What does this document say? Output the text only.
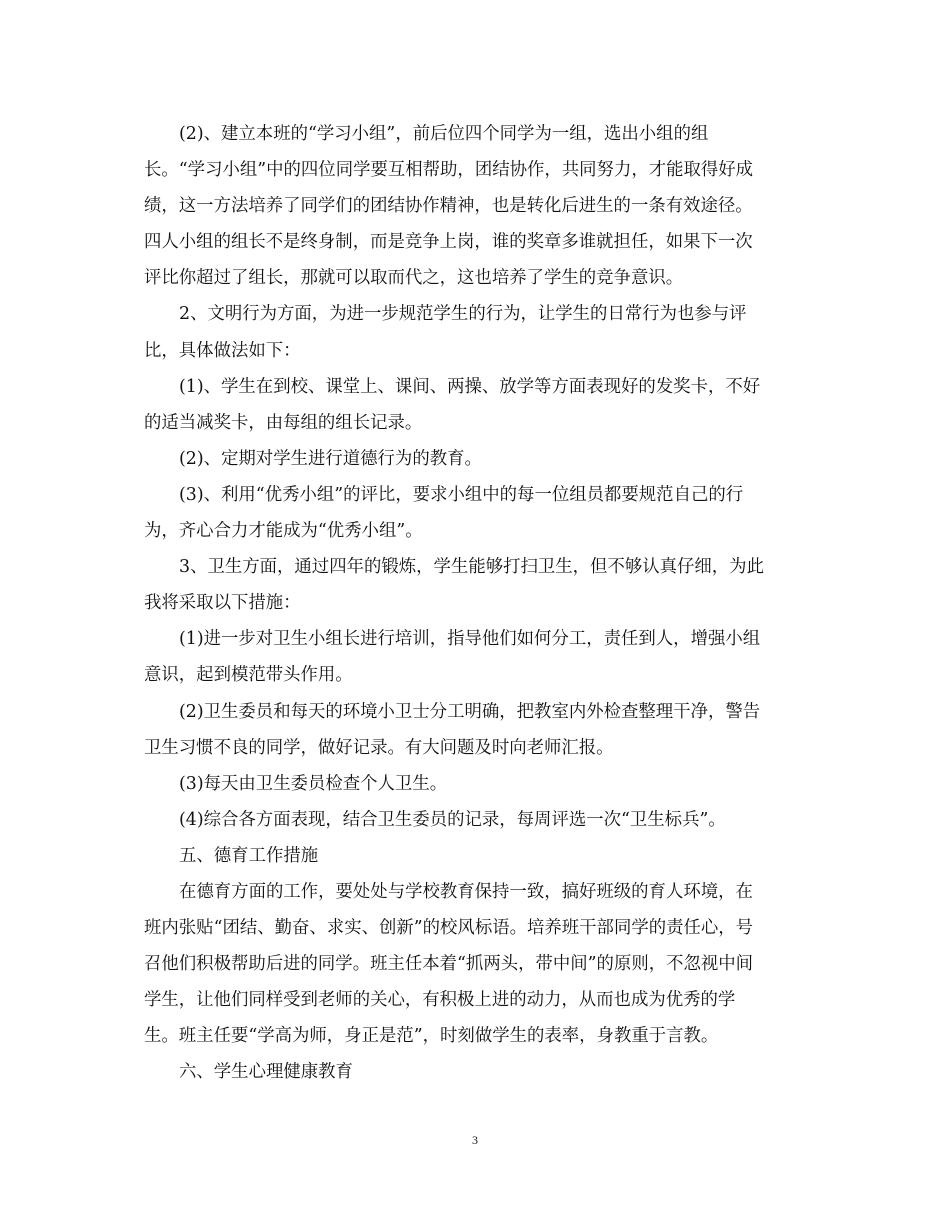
(2)、建立本班的“学习小组”，前后位四个同学为一组，选出小组的组
长。“学习小组”中的四位同学要互相帮助，团结协作，共同努力，才能取得好成
绩，这一方法培养了同学们的团结协作精神，也是转化后进生的一条有效途径。
四人小组的组长不是终身制，而是竞争上岗，谁的奖章多谁就担任，如果下一次
评比你超过了组长，那就可以取而代之，这也培养了学生的竞争意识。
2、文明行为方面，为进一步规范学生的行为，让学生的日常行为也参与评
比，具体做法如下：
(1)、学生在到校、课堂上、课间、两操、放学等方面表现好的发奖卡，不好
的适当减奖卡，由每组的组长记录。
(2)、定期对学生进行道德行为的教育。
(3)、利用“优秀小组”的评比，要求小组中的每一位组员都要规范自己的行
为，齐心合力才能成为“优秀小组”。
3、卫生方面，通过四年的锻炼，学生能够打扫卫生，但不够认真仔细，为此
我将采取以下措施：
(1)进一步对卫生小组长进行培训，指导他们如何分工，责任到人，增强小组
意识，起到模范带头作用。
(2)卫生委员和每天的环境小卫士分工明确，把教室内外检查整理干净，警告
卫生习惯不良的同学，做好记录。有大问题及时向老师汇报。
(3)每天由卫生委员检查个人卫生。
(4)综合各方面表现，结合卫生委员的记录，每周评选一次“卫生标兵”。
五、德育工作措施
在德育方面的工作，要处处与学校教育保持一致，搞好班级的育人环境，在
班内张贴“团结、勤奋、求实、创新”的校风标语。培养班干部同学的责任心，号
召他们积极帮助后进的同学。班主任本着“抓两头，带中间”的原则，不忽视中间
学生，让他们同样受到老师的关心，有积极上进的动力，从而也成为优秀的学
生。班主任要“学高为师，身正是范”，时刻做学生的表率，身教重于言教。
六、学生心理健康教育
3
